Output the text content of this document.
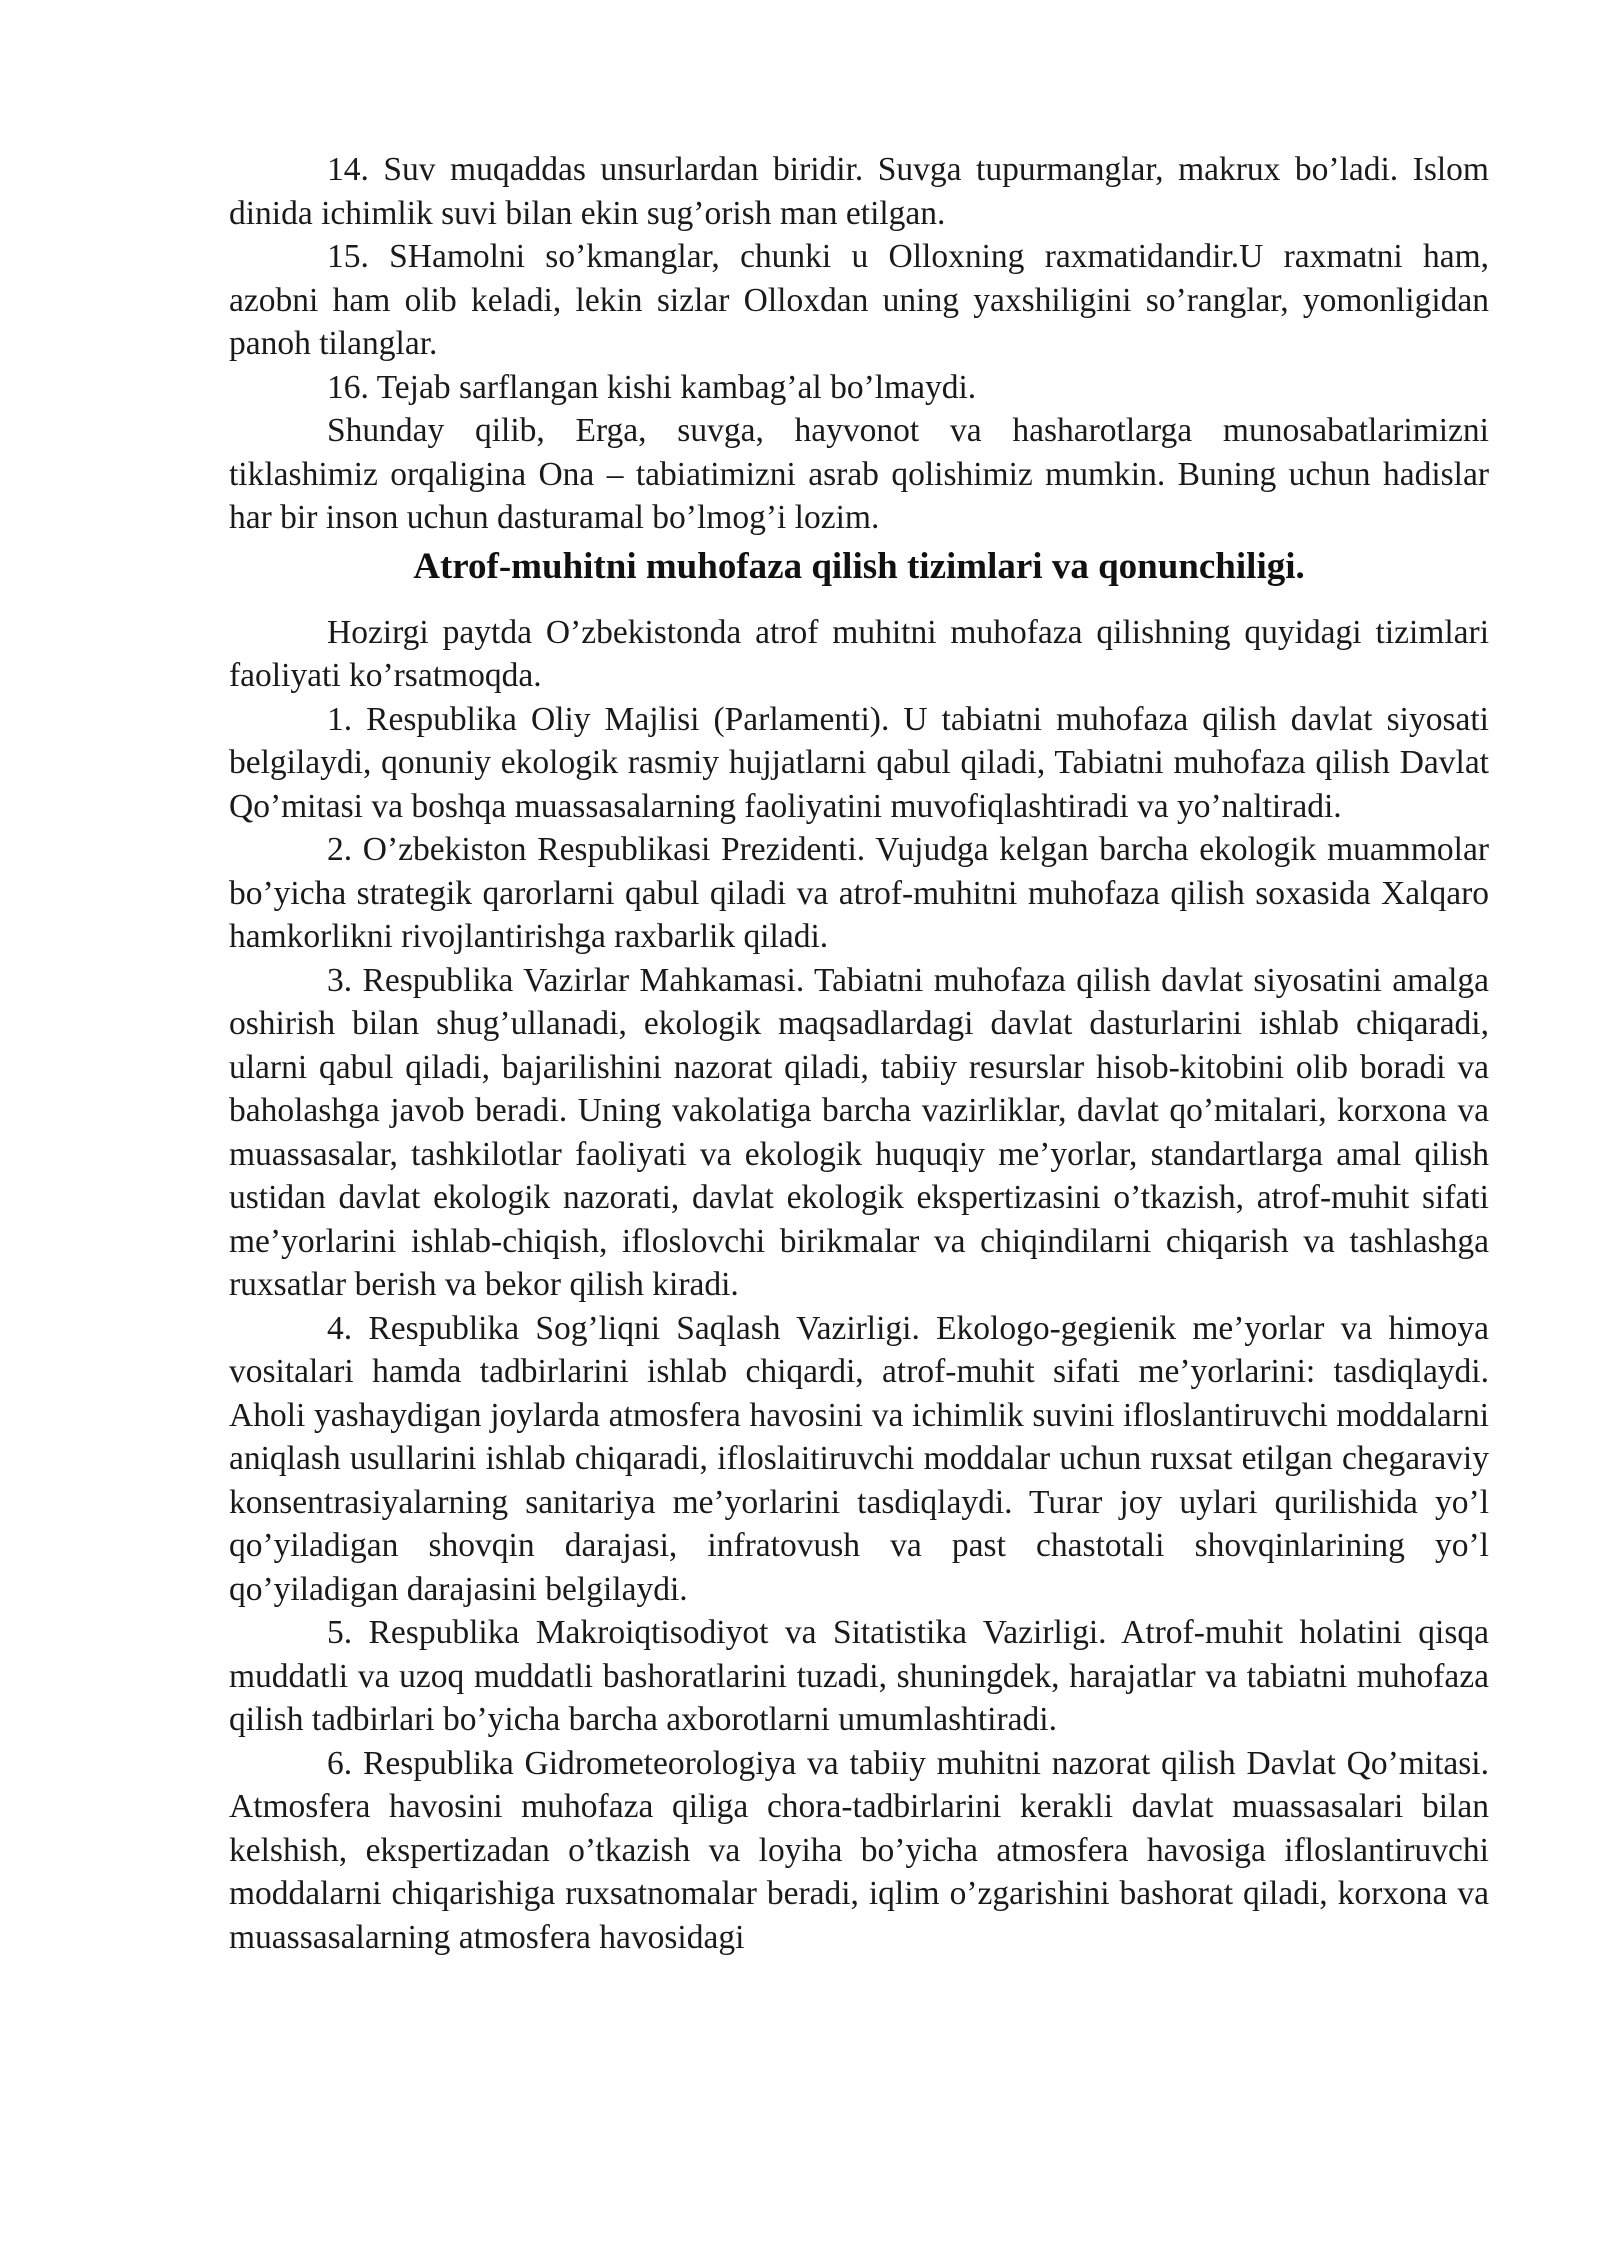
14. Suv muqaddas unsurlardan biridir. Suvga tupurmanglar, makrux bo’ladi. Islom dinida ichimlik suvi bilan ekin sug’orish man etilgan.

15. SHamolni so’kmanglar, chunki u Olloxning raxmatidandir.U raxmatni ham, azobni ham olib keladi, lekin sizlar Olloxdan uning yaxshiligini so’ranglar, yomonligidan panoh tilanglar.

16. Tejab sarflangan kishi kambag’al bo’lmaydi.

Shunday qilib, Erga, suvga, hayvonot va hasharotlarga munosabatlarimizni tiklashimiz orqaligina Ona – tabiatimizni asrab qolishimiz mumkin. Buning uchun hadislar har bir inson uchun dasturamal bo’lmog’i lozim.

Atrof-muhitni muhofaza qilish tizimlari va qonunchiligi.

Hozirgi paytda O’zbekistonda atrof muhitni muhofaza qilishning quyidagi tizimlari faoliyati ko’rsatmoqda.

1. Respublika Oliy Majlisi (Parlamenti). U tabiatni muhofaza qilish davlat siyosati belgilaydi, qonuniy ekologik rasmiy hujjatlarni qabul qiladi, Tabiatni muhofaza qilish Davlat Qo’mitasi va boshqa muassasalarning faoliyatini muvofiqlashtiradi va yo’naltiradi.

2. O’zbekiston Respublikasi Prezidenti. Vujudga kelgan barcha ekologik muammolar bo’yicha strategik qarorlarni qabul qiladi va atrof-muhitni muhofaza qilish soxasida Xalqaro hamkorlikni rivojlantirishga raxbarlik qiladi.

3. Respublika Vazirlar Mahkamasi. Tabiatni muhofaza qilish davlat siyosatini amalga oshirish bilan shug’ullanadi, ekologik maqsadlardagi davlat dasturlarini ishlab chiqaradi, ularni qabul qiladi, bajarilishini nazorat qiladi, tabiiy resurslar hisob-kitobini olib boradi va baholashga javob beradi. Uning vakolatiga barcha vazirliklar, davlat qo’mitalari, korxona va muassasalar, tashkilotlar faoliyati va ekologik huquqiy me’yorlar, standartlarga amal qilish ustidan davlat ekologik nazorati, davlat ekologik ekspertizasini o’tkazish, atrof-muhit sifati me’yorlarini ishlab-chiqish, ifloslovchi birikmalar va chiqindilarni chiqarish va tashlashga ruxsatlar berish va bekor qilish kiradi.

4. Respublika Sog’liqni Saqlash Vazirligi. Ekologo-gegienik me’yorlar va himoya vositalari hamda tadbirlarini ishlab chiqardi, atrof-muhit sifati me’yorlarini: tasdiqlaydi. Aholi yashaydigan joylarda atmosfera havosini va ichimlik suvini ifloslantiruvchi moddalarni aniqlash usullarini ishlab chiqaradi, ifloslaitiruvchi moddalar uchun ruxsat etilgan chegaraviy konsentrasiyalarning sanitariya me’yorlarini tasdiqlaydi. Turar joy uylari qurilishida yo’l qo’yiladigan shovqin darajasi, infratovush va past chastotali shovqinlarining yo’l qo’yiladigan darajasini belgilaydi.

5. Respublika Makroiqtisodiyot va Sitatistika Vazirligi. Atrof-muhit holatini qisqa muddatli va uzoq muddatli bashoratlarini tuzadi, shuningdek, harajatlar va tabiatni muhofaza qilish tadbirlari bo’yicha barcha axborotlarni umumlashtiradi.

6. Respublika Gidrometeorologiya va tabiiy muhitni nazorat qilish Davlat Qo’mitasi. Atmosfera havosini muhofaza qiliga chora-tadbirlarini kerakli davlat muassasalari bilan kelshish, ekspertizadan o’tkazish va loyiha bo’yicha atmosfera havosiga ifloslantiruvchi moddalarni chiqarishiga ruxsatnomalar beradi, iqlim o’zgarishini bashorat qiladi, korxona va muassasalarning atmosfera havosidagi
